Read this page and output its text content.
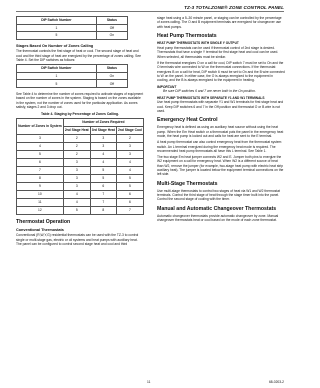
TZ-3 TOTALZONE® ZONE CONTROL PANEL
DIP Switch Number	Status
1	Off
5	On
Stages Based On Number of Zones Calling

The thermostat controls the first stage of heat or cool. The second stage of heat and cool and the third stage of heat are energized by the percentage of zones calling. See Table 4. Set the DIP switches as follows:

DIP Switch Number	Status
1	On
5	Off

See Table 4 to determine the number of zones required to activate stages of equipment based on the number of zones in the system. Staging is based on the zones available in the system, not the number of zones used for the particular application. As zones satisfy, stages 2 and 3 drop out.

Table 4. Staging by Percentage of Zones Calling.
Number of Zones in System	Number of Zones Required		
	2nd Stage Heat	3rd Stage Heat	2nd Stage Cool
3	2	3	2
4	2	3	3
5	2	4	3
6	3	4	4
7	3	5	4
8	3	5	5
9	3	6	5
10	4	7	6
11	4	7	6
12	5	8	7
Thermostat Operation
Conventional Thermostats

Conventional (R,W,Y,G) residential thermostats can be used with the TZ-3 to control single or multi-stage gas, electric or oil systems and heat pumps with auxiliary heat. The panel can be configured to control second stage heat and cool and third

stage heat using a 5–30 minute panel, or staging can be controlled by the percentage of zones calling. The O and B equipment terminals are energized for changeover use with heat pumps.

Heat Pump Thermostats
HEAT PUMP THERMOSTATS WITH SINGLE Y OUTPUT

Heat pump thermostats can be used if thermostat control of 2nd stage is desired. Thermostats that have a single Y terminal for first stage heat and cool can be used. When selected, all thermostats must be similar.

If the thermostat energizes O on a call for cool, DIP switch 7 must be set to On and the O terminals wire connected to W on the thermostat connections. If the thermostat energizes B on a call for heat, DIP switch 6 must be set to On and the B wire connected to W on the panel. In either case, the O is always energized to the equipment in cooling, and the B is always energized to the equipment in heating.

IMPORTANT

Be sure DIP switches 6 and 7 are never both in the On position.

HEAT PUMP THERMOSTATS WITH SEPARATE Y1 AND W1 TERMINALS

Use heat pump thermostats with separate Y1 and W1 terminals for first stage heat and cool. Keep DIP switches 6 and 7 in the Off position and thermostat O or B wire is not used.

Emergency Heat Control

Emergency heat is defined as using an auxiliary heat source without using the heat pump. When the Em Heat switch or a thermostat puts the panel in the emergency heat mode, the heat pump is locked out and calls for heat are sent to the E terminal.

A heat pump thermostat can also control emergency heat from the thermostat system switch. An L terminal energized during the emergency heat mode is required. The recommended heat pump thermostats all have this L terminal. See Table 1.

The two stage Em heat jumper connects W2 and E. Jumper both pins to energize the W2 equipment on a call for emergency heat. When W2 is a different source of heat than W2, remove the jumper (for example, two-stage heat pump with electric heat strip auxiliary heat). The jumper is located below the equipment terminal connections on the left side.

Multi-Stage Thermostats

Use multi-stage thermostats to control two stages of heat via W1 and W2 thermostat terminals. Control the third stage of heat through the stage timer built into the panel. Control the second stage of cooling with the timer.

Manual and Automatic Changeover Thermostats

Automatic changeover thermostats provide automatic changeover by zone. Manual changeover thermostats heat or cool based on the mode of each zone thermostat.

11	68-0203-2
